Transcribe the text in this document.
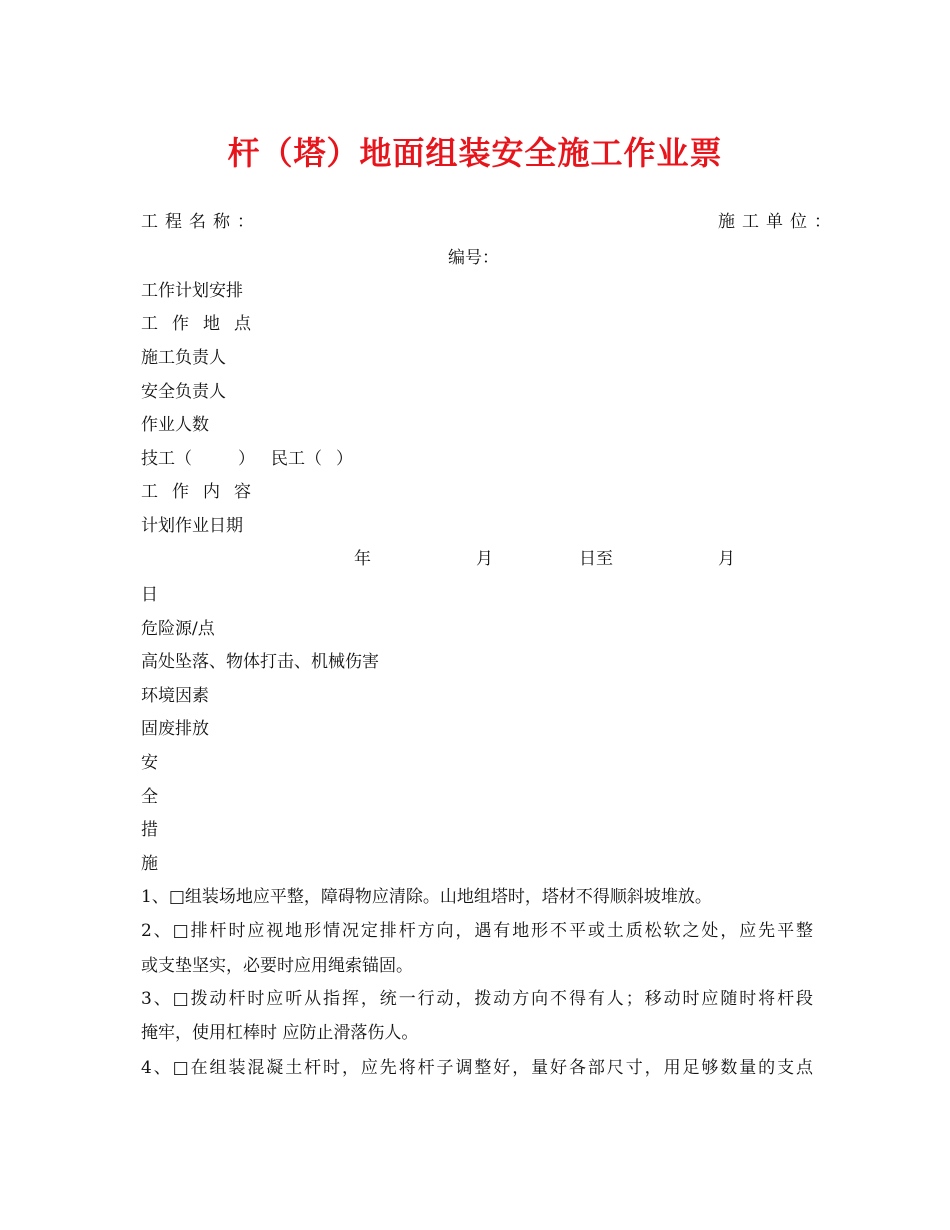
杆（塔）地面组装安全施工作业票
工程名称：	施工单位：
编号：
工作计划安排
工作地点
施工负责人
安全负责人
作业人数
技工（	） 民工（ ）
工作内容
计划作业日期
年	月	日至	月
日
危险源/点
高处坠落、物体打击、机械伤害
环境因素
固废排放
安
全
措
施
1、□组装场地应平整，障碍物应清除。山地组塔时，塔材不得顺斜坡堆放。
2、□排杆时应视地形情况定排杆方向，遇有地形不平或土质松软之处，应先平整
或支垫坚实，必要时应用绳索锚固。
3、□拨动杆时应听从指挥，统一行动，拨动方向不得有人；移动时应随时将杆段
掩牢，使用杠棒时 应防止滑落伤人。
4、□在组装混凝土杆时，应先将杆子调整好，量好各部尺寸，用足够数量的支点
